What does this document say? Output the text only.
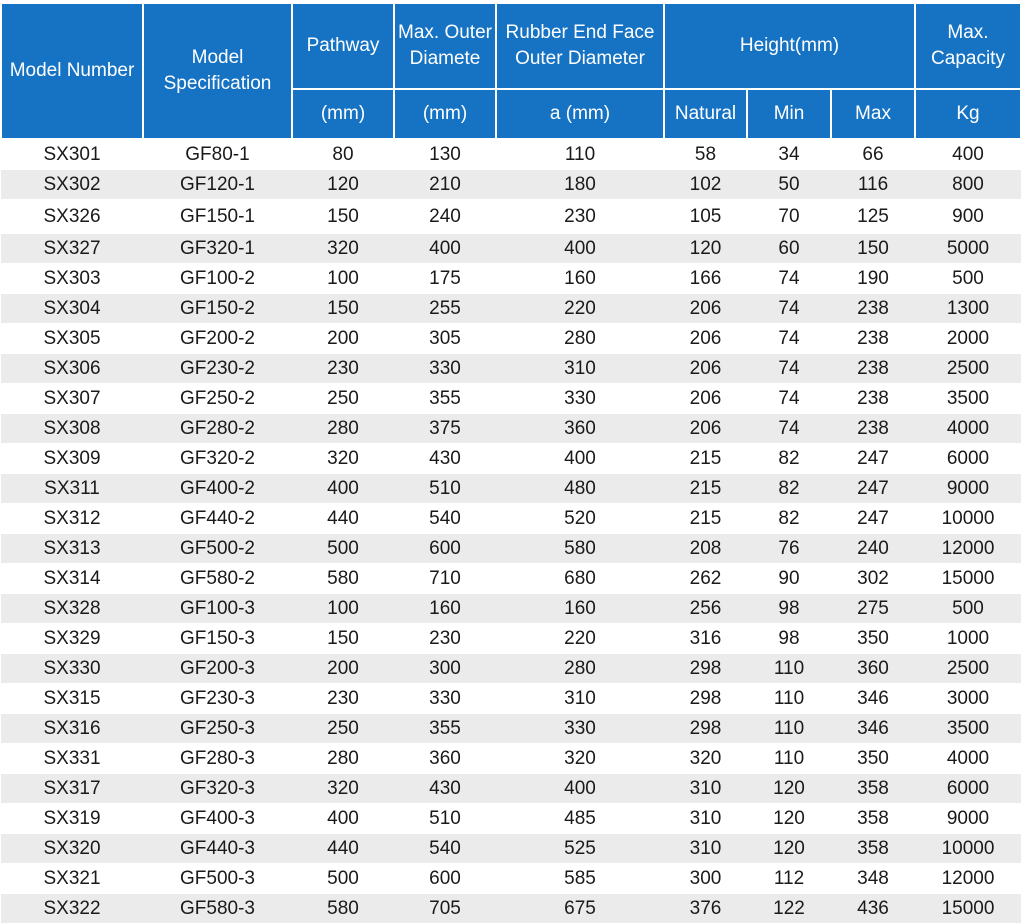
Model Number	Model Specification	Pathway	Max. Outer Diamete	Rubber End Face Outer Diameter	Height(mm)			Max. Capacity
		(mm)	(mm)	a (mm)	Natural	Min	Max	Kg
SX301	GF80-1	80	130	110	58	34	66	400
SX302	GF120-1	120	210	180	102	50	116	800
SX326	GF150-1	150	240	230	105	70	125	900
SX327	GF320-1	320	400	400	120	60	150	5000
SX303	GF100-2	100	175	160	166	74	190	500
SX304	GF150-2	150	255	220	206	74	238	1300
SX305	GF200-2	200	305	280	206	74	238	2000
SX306	GF230-2	230	330	310	206	74	238	2500
SX307	GF250-2	250	355	330	206	74	238	3500
SX308	GF280-2	280	375	360	206	74	238	4000
SX309	GF320-2	320	430	400	215	82	247	6000
SX311	GF400-2	400	510	480	215	82	247	9000
SX312	GF440-2	440	540	520	215	82	247	10000
SX313	GF500-2	500	600	580	208	76	240	12000
SX314	GF580-2	580	710	680	262	90	302	15000
SX328	GF100-3	100	160	160	256	98	275	500
SX329	GF150-3	150	230	220	316	98	350	1000
SX330	GF200-3	200	300	280	298	110	360	2500
SX315	GF230-3	230	330	310	298	110	346	3000
SX316	GF250-3	250	355	330	298	110	346	3500
SX331	GF280-3	280	360	320	320	110	350	4000
SX317	GF320-3	320	430	400	310	120	358	6000
SX319	GF400-3	400	510	485	310	120	358	9000
SX320	GF440-3	440	540	525	310	120	358	10000
SX321	GF500-3	500	600	585	300	112	348	12000
SX322	GF580-3	580	705	675	376	122	436	15000
